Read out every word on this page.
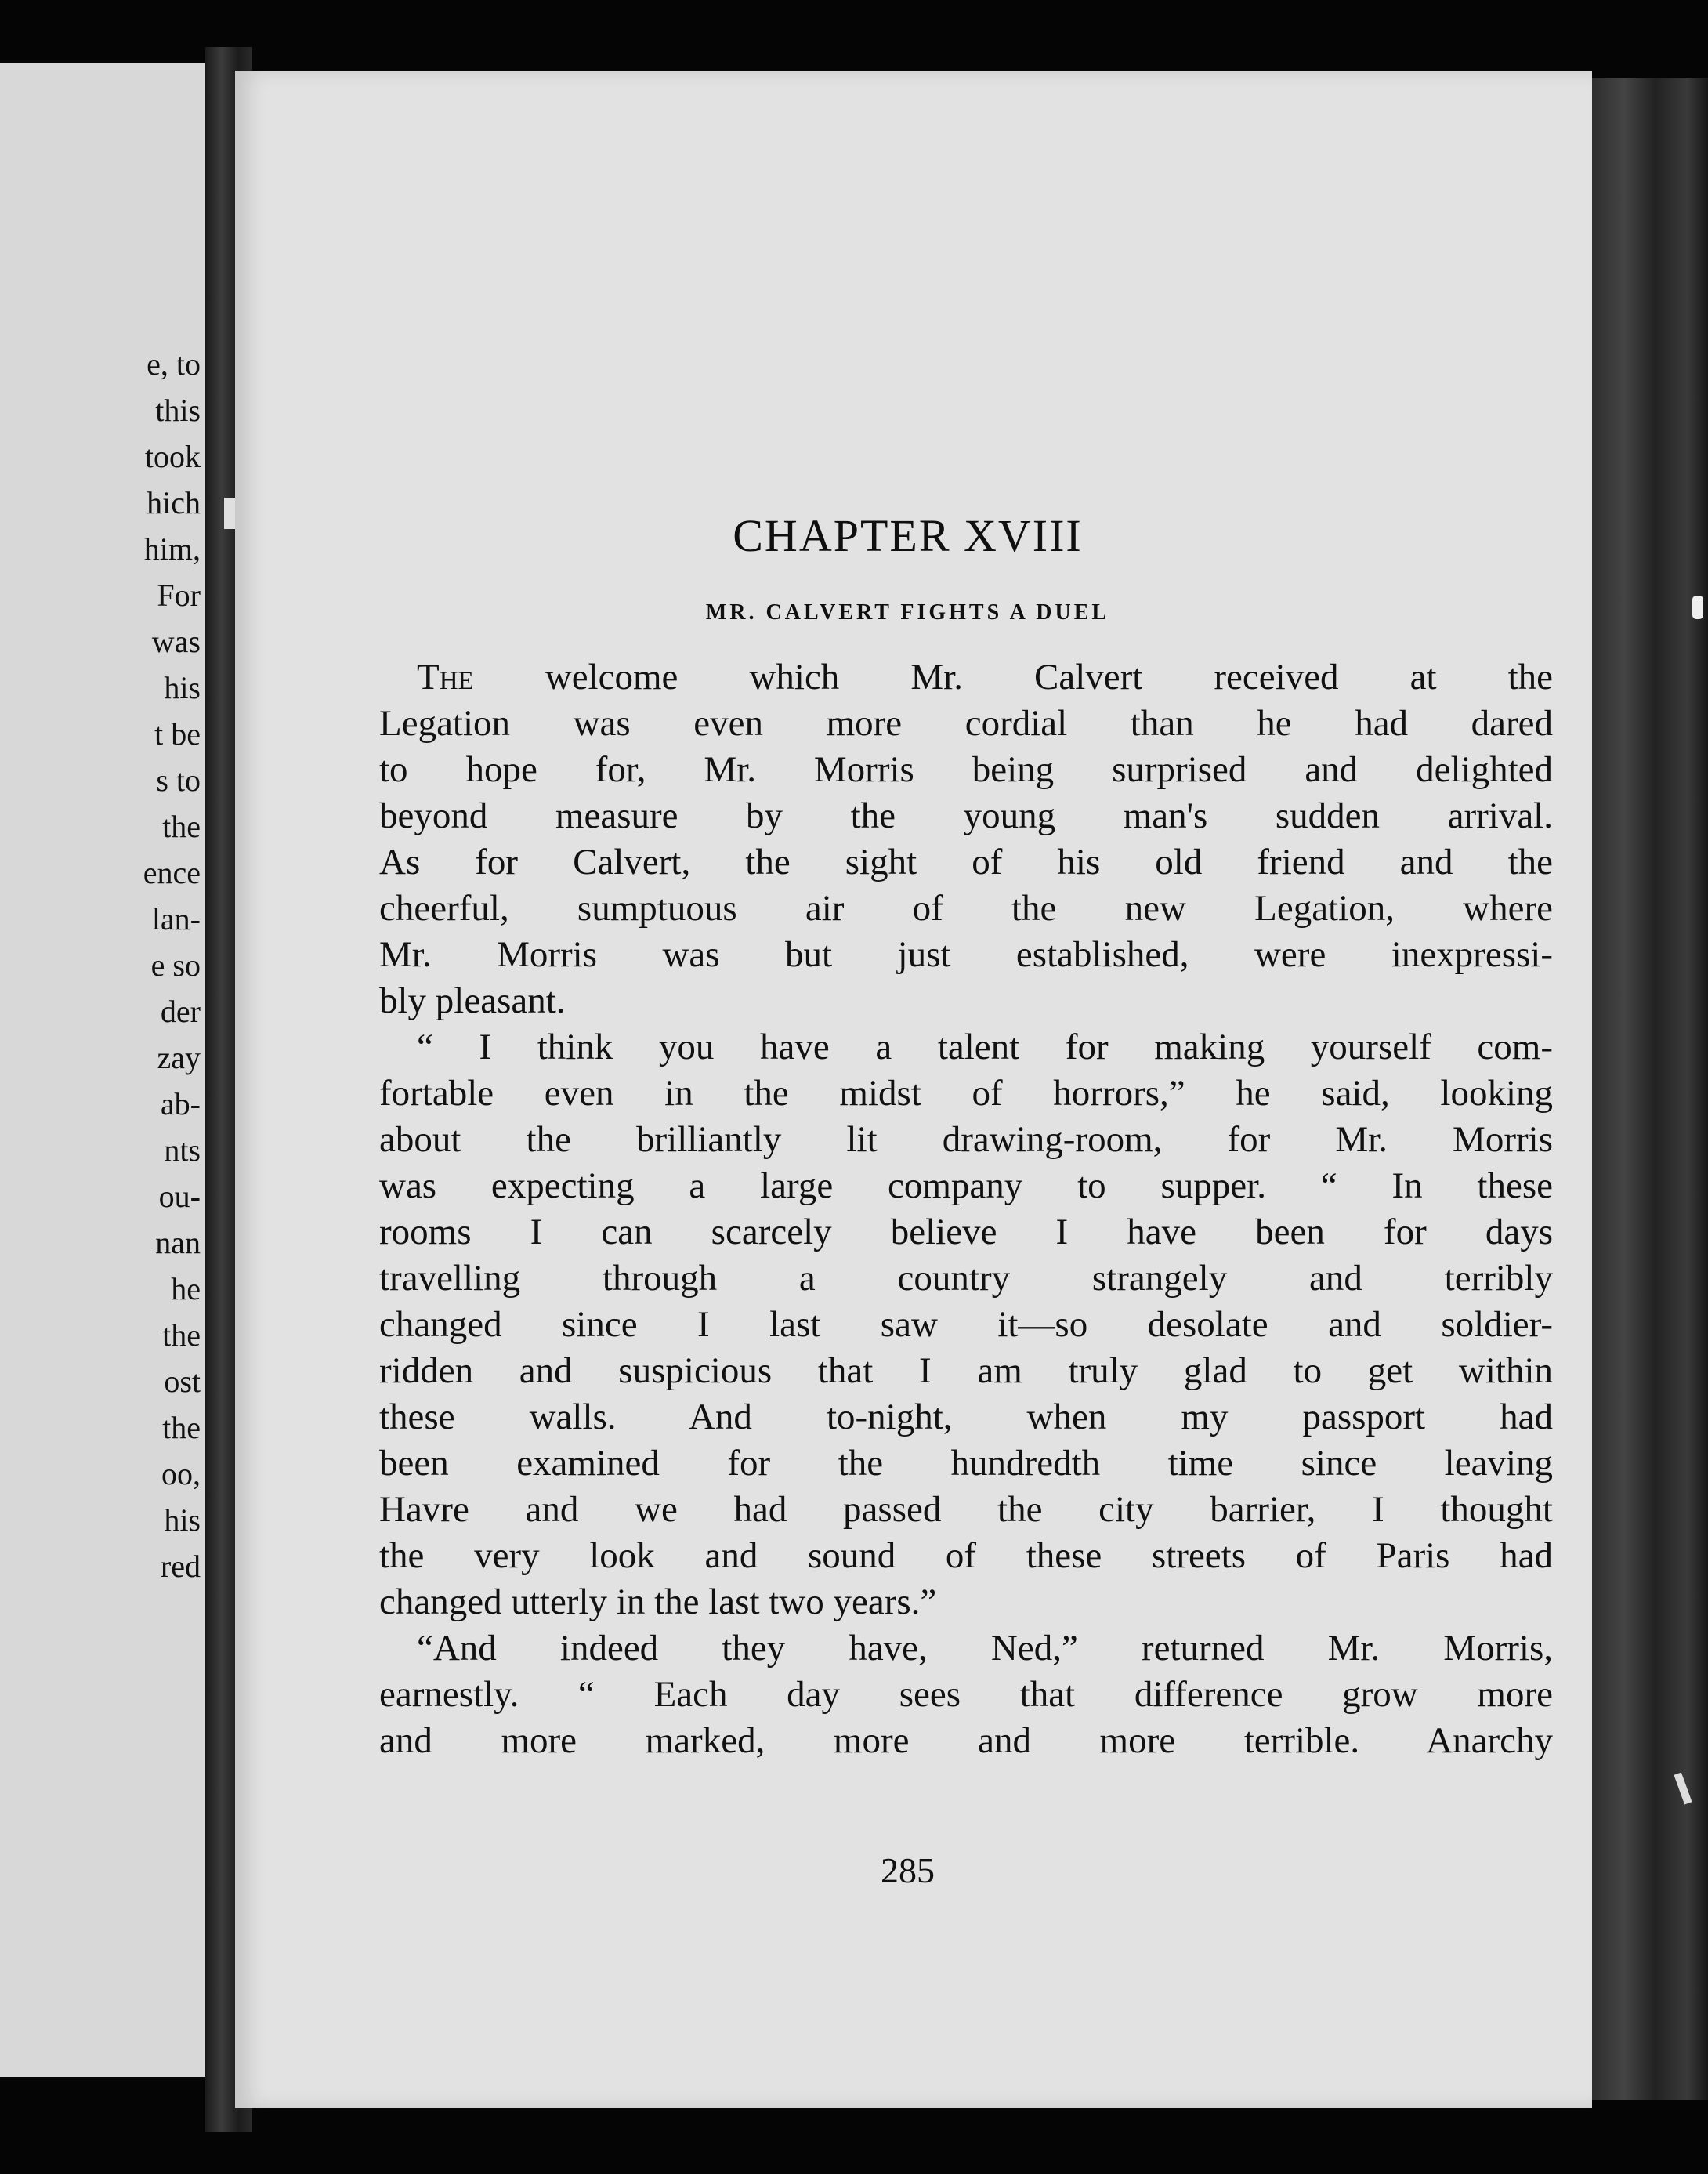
e, to
this
took
hich
him,
For
was
his
t be
s to
the
ence
lan-
e so
der
zay
ab-
nts
ou-
nan
he
the
ost
the
oo,
his
red
CHAPTER XVIII
MR. CALVERT FIGHTS A DUEL
The welcome which Mr. Calvert received at the
Legation was even more cordial than he had dared
to hope for, Mr. Morris being surprised and delighted
beyond measure by the young man's sudden arrival.
As for Calvert, the sight of his old friend and the
cheerful, sumptuous air of the new Legation, where
Mr. Morris was but just established, were inexpressi-
bly pleasant.
“ I think you have a talent for making yourself com-
fortable even in the midst of horrors,” he said, looking
about the brilliantly lit drawing-room, for Mr. Morris
was expecting a large company to supper. “ In these
rooms I can scarcely believe I have been for days
travelling through a country strangely and terribly
changed since I last saw it—so desolate and soldier-
ridden and suspicious that I am truly glad to get within
these walls. And to-night, when my passport had
been examined for the hundredth time since leaving
Havre and we had passed the city barrier, I thought
the very look and sound of these streets of Paris had
changed utterly in the last two years.”
“And indeed they have, Ned,” returned Mr. Morris,
earnestly. “ Each day sees that difference grow more
and more marked, more and more terrible. Anarchy
285
